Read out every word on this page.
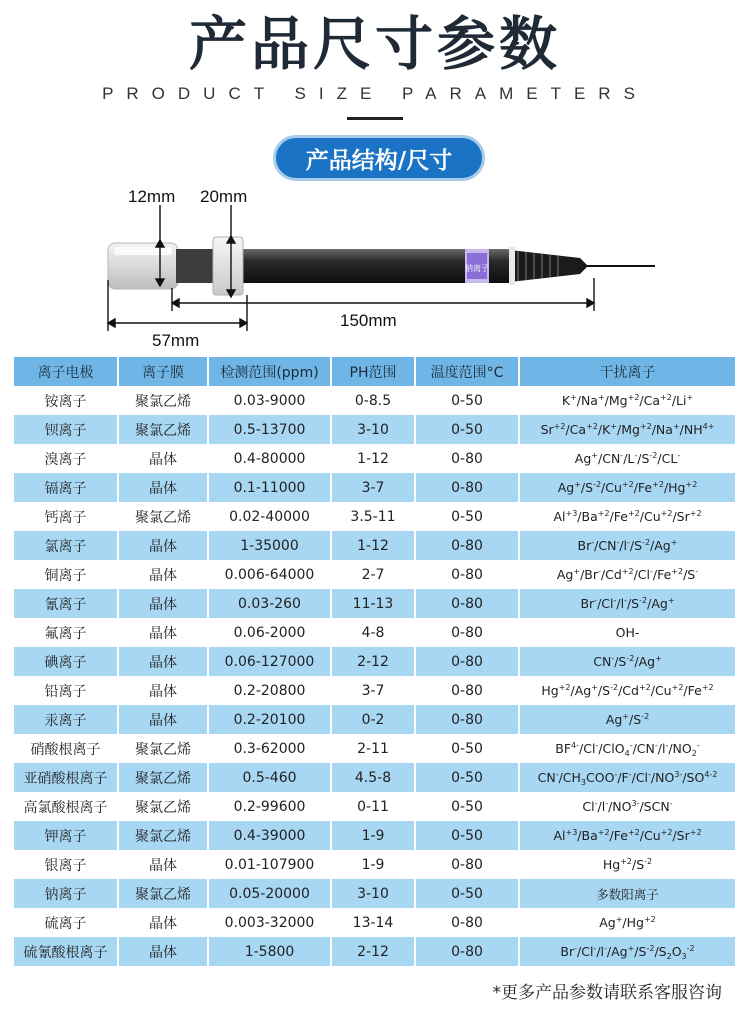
产品尺寸参数
PRODUCT SIZE PARAMETERS
产品结构/尺寸
12mm 20mm
57mm
150mm
钠离子
离子电极	离子膜	检测范围(ppm)	PH范围	温度范围°C	干扰离子
铵离子	聚氯乙烯	0.03-9000	0-8.5	0-50	$K^+/Na^+/Mg^{+2}/Ca^{+2}/Li^+$
钡离子	聚氯乙烯	0.5-13700	3-10	0-50	$Sr^{+2}/Ca^{+2}/K^+/Mg^{+2}/Na^+/NH^{4+}$
溴离子	晶体	0.4-80000	1-12	0-80	$Ag^+/CN^-/L^-/S^{-2}/CL^-$
镉离子	晶体	0.1-11000	3-7	0-80	$Ag^+/S^{-2}/Cu^{+2}/Fe^{+2}/Hg^{+2}$
钙离子	聚氯乙烯	0.02-40000	3.5-11	0-50	$Al^{+3}/Ba^{+2}/Fe^{+2}/Cu^{+2}/Sr^{+2}$
氯离子	晶体	1-35000	1-12	0-80	$Br^-/CN^-/l^-/S^{-2}/Ag^+$
铜离子	晶体	0.006-64000	2-7	0-80	$Ag^+/Br^-/Cd^{+2}/Cl^-/Fe^{+2}/S^-$
氰离子	晶体	0.03-260	11-13	0-80	$Br^-/Cl^-/l^-/S^{-2}/Ag^+$
氟离子	晶体	0.06-2000	4-8	0-80	OH-
碘离子	晶体	0.06-127000	2-12	0-80	$CN^-/S^{-2}/Ag^+$
铅离子	晶体	0.2-20800	3-7	0-80	$Hg^{+2}/Ag^+/S^{-2}/Cd^{+2}/Cu^{+2}/Fe^{+2}$
汞离子	晶体	0.2-20100	0-2	0-80	$Ag^+/S^{-2}$
硝酸根离子	聚氯乙烯	0.3-62000	2-11	0-50	$BF^{4-}/Cl^-/ClO_4^-/CN^-/l^-/NO_2^-$
亚硝酸根离子	聚氯乙烯	0.5-460	4.5-8	0-50	$CN^-/CH_3COO^-/F^-/Cl^-/NO^{3-}/SO^{4-2}$
高氯酸根离子	聚氯乙烯	0.2-99600	0-11	0-50	$Cl^-/l^-/NO^{3-}/SCN^-$
钾离子	聚氯乙烯	0.4-39000	1-9	0-50	$Al^{+3}/Ba^{+2}/Fe^{+2}/Cu^{+2}/Sr^{+2}$
银离子	晶体	0.01-107900	1-9	0-80	$Hg^{+2}/S^{-2}$
钠离子	聚氯乙烯	0.05-20000	3-10	0-50	多数阳离子
硫离子	晶体	0.003-32000	13-14	0-80	$Ag^+/Hg^{+2}$
硫氰酸根离子	晶体	1-5800	2-12	0-80	$Br^-/Cl^-/l^-/Ag^+/S^{-2}/S_2O_3^{-2}$
*更多产品参数请联系客服咨询
